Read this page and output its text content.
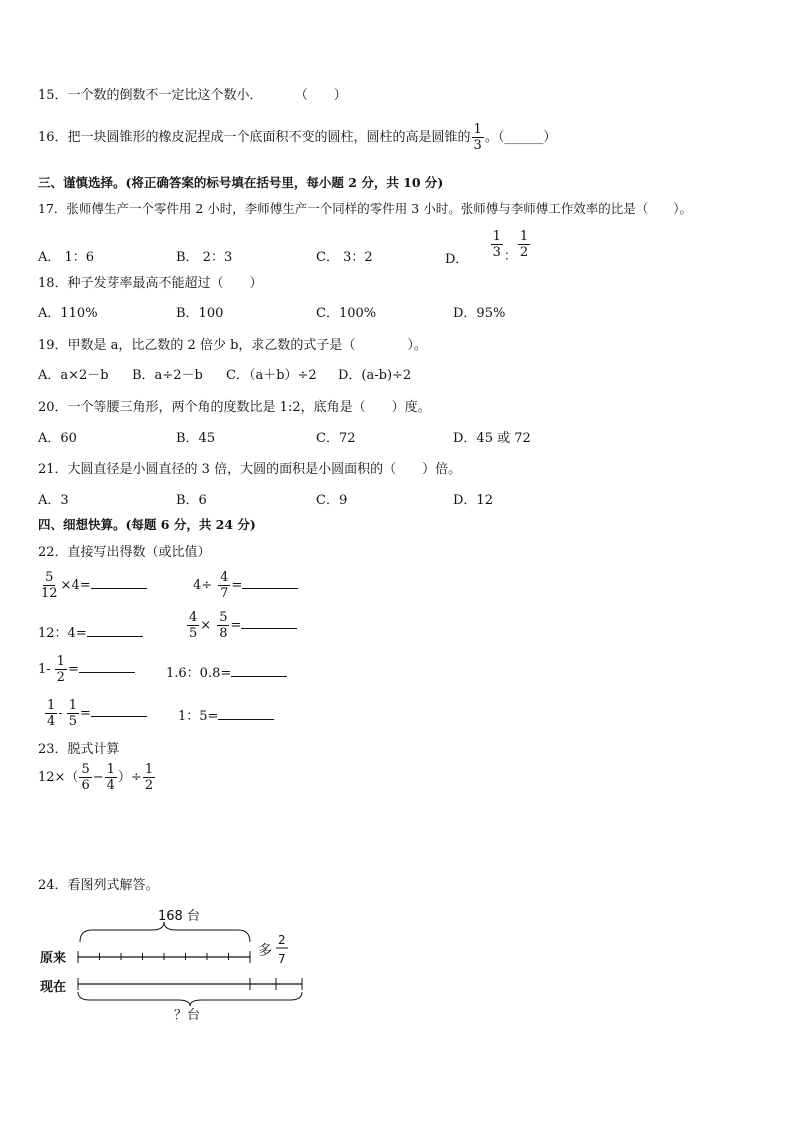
15．一个数的倒数不一定比这个数小． （　　）
16．把一块圆锥形的橡皮泥捏成一个底面积不变的圆柱，圆柱的高是圆锥的 $\frac{1}{3}$ 。（______）
三、谨慎选择。(将正确答案的标号填在括号里，每小题 2 分，共 10 分)
17．张师傅生产一个零件用 2 小时，李师傅生产一个同样的零件用 3 小时。张师傅与李师傅工作效率的比是（　　）。
A． 1：6	B． 2：3	C． 3：2	D． $\frac{1}{3}$ ： $\frac{1}{2}$
18．种子发芽率最高不能超过（　　）
A．110%	B．100	C．100%	D．95%
19．甲数是 a，比乙数的 2 倍少 b，求乙数的式子是（　　　　）。
A．a×2－b B．a÷2－b C．（a＋b）÷2 D．(a-b)÷2
20．一个等腰三角形，两个角的度数比是 1:2，底角是（　　）度。
A．60	B．45	C．72	D．45 或 72
21．大圆直径是小圆直径的 3 倍，大圆的面积是小圆面积的（　　）倍。
A．3	B．6	C．9	D．12
四、细想快算。(每题 6 分，共 24 分)
22．直接写出得数（或比值）
$\frac{5}{12} \times 4=$	$4\div \frac{4}{7}$ =
12：4=	$\frac{4}{5} \times \frac{5}{8}$ =
$1- \frac{1}{2}$ =	1.6：0.8=
$\frac{1}{4} - \frac{1}{5}$ =	1：5=
23．脱式计算
$12\times( \frac{5}{6} - \frac{1}{4}$ ）÷ $\frac{1}{2}$
24．看图列式解答。
168 台
原来	多
2
7
现在
？台
